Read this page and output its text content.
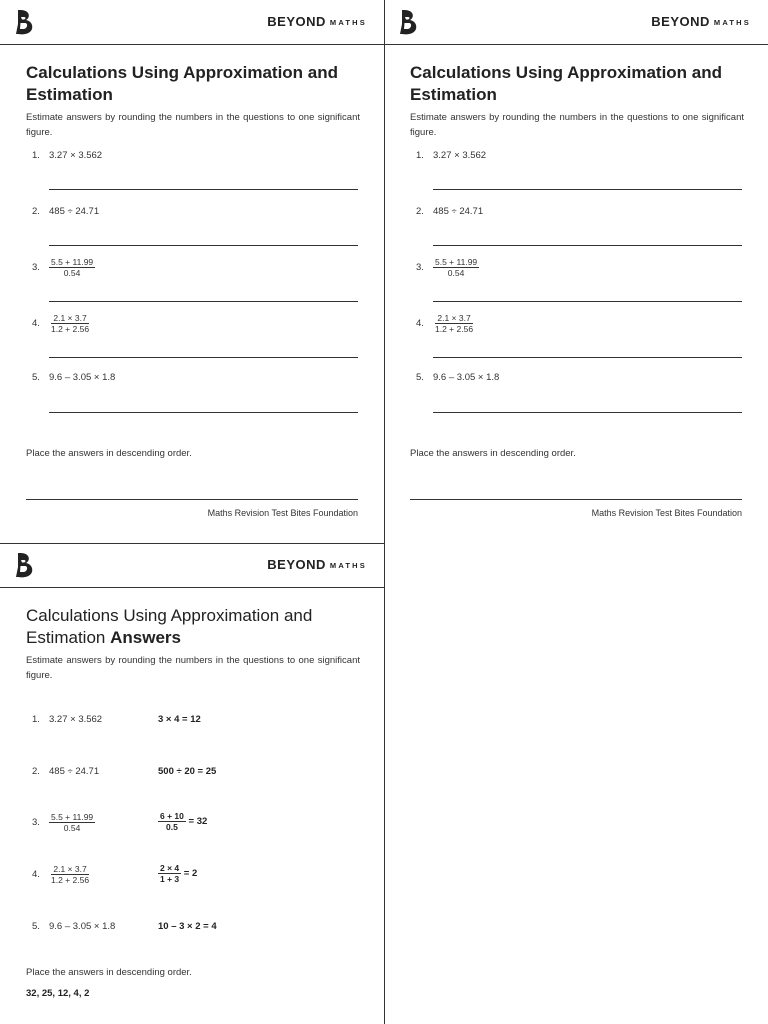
BEYOND MATHS
Calculations Using Approximation and Estimation
Estimate answers by rounding the numbers in the questions to one significant figure.
1. 3.27 × 3.562
2. 485 ÷ 24.71
3. $\frac{5.5 + 11.99}{0.54}$
4. $\frac{2.1 \times 3.7}{1.2 + 2.56}$
5. 9.6 – 3.05 × 1.8
Place the answers in descending order.
Maths Revision Test Bites Foundation
BEYOND MATHS
Calculations Using Approximation and Estimation
Estimate answers by rounding the numbers in the questions to one significant figure.
1. 3.27 × 3.562
2. 485 ÷ 24.71
3. $\frac{5.5 + 11.99}{0.54}$
4. $\frac{2.1 \times 3.7}{1.2 + 2.56}$
5. 9.6 – 3.05 × 1.8
Place the answers in descending order.
Maths Revision Test Bites Foundation
BEYOND MATHS
Calculations Using Approximation and Estimation Answers
Estimate answers by rounding the numbers in the questions to one significant figure.
1. 3.27 × 3.562	3 × 4 = 12
2. 485 ÷ 24.71	500 ÷ 20 = 25
3. $\frac{5.5 + 11.99}{0.54}$	$\frac{6 + 10}{0.5} = 32$
4. $\frac{2.1 \times 3.7}{1.2 + 2.56}$	$\frac{2 \times 4}{1 + 3} = 2$
5. 9.6 – 3.05 × 1.8	10 – 3 × 2 = 4
Place the answers in descending order.
32, 25, 12, 4, 2
